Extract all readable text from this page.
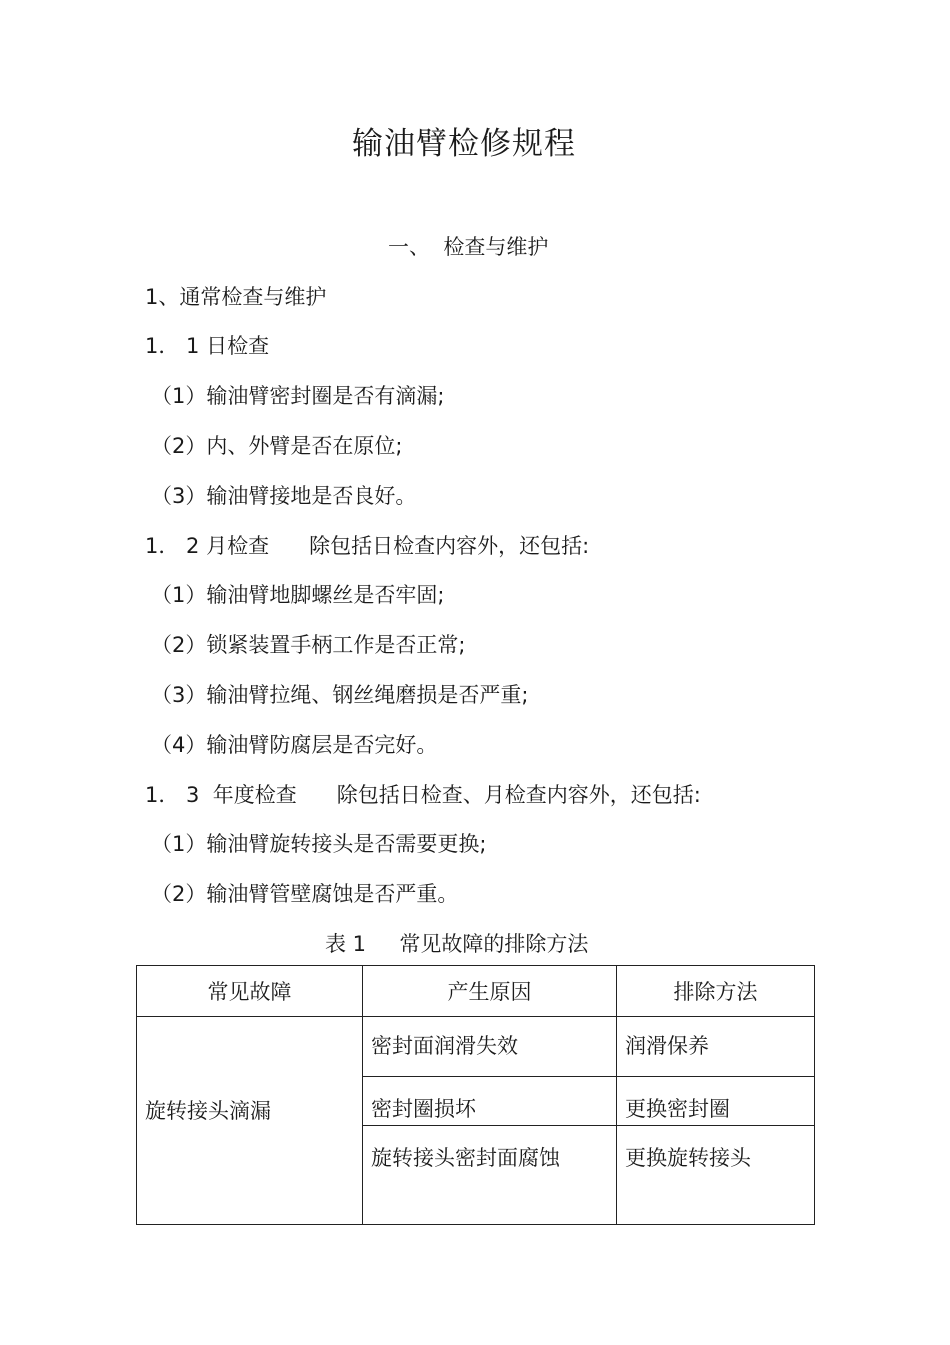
输油臂检修规程
一、  检查与维护
1、通常检查与维护
1． 1 日检查
（1）输油臂密封圈是否有滴漏;
（2）内、外臂是否在原位;
（3）输油臂接地是否良好。
1． 2 月检查      除包括日检查内容外，还包括:
（1）输油臂地脚螺丝是否牢固;
（2）锁紧装置手柄工作是否正常;
（3）输油臂拉绳、钢丝绳磨损是否严重;
（4）输油臂防腐层是否完好。
1． 3  年度检查      除包括日检查、月检查内容外，还包括:
（1）输油臂旋转接头是否需要更换;
（2）输油臂管壁腐蚀是否严重。
表 1     常见故障的排除方法
常见故障	产生原因	排除方法

旋转接头滴漏	密封面润滑失效	润滑保养

	密封圈损坏	更换密封圈

	旋转接头密封面腐蚀	更换旋转接头
